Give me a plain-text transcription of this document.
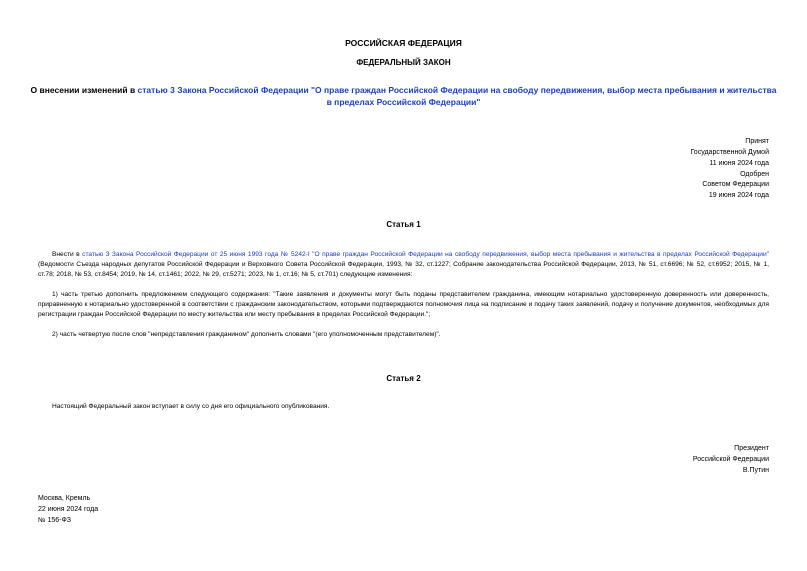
РОССИЙСКАЯ ФЕДЕРАЦИЯ
ФЕДЕРАЛЬНЫЙ ЗАКОН
О внесении изменений в статью 3 Закона Российской Федерации "О праве граждан Российской Федерации на свободу передвижения, выбор места пребывания и жительства в пределах Российской Федерации"
Принят
Государственной Думой
11 июня 2024 года
Одобрен
Советом Федерации
19 июня 2024 года
Статья 1
Внести в статью 3 Закона Российской Федерации от 25 июня 1993 года № 5242-I "О праве граждан Российской Федерации на свободу передвижения, выбор места пребывания и жительства в пределах Российской Федерации" (Ведомости Съезда народных депутатов Российской Федерации и Верховного Совета Российской Федерации, 1993, № 32, ст.1227; Собрание законодательства Российской Федерации, 2013, № 51, ст.6696; № 52, ст.6952; 2015, № 1, ст.78; 2018, № 53, ст.8454; 2019, № 14, ст.1461; 2022, № 29, ст.5271; 2023, № 1, ст.16; № 5, ст.701) следующие изменения:
1) часть третью дополнить предложением следующего содержания: "Такие заявления и документы могут быть поданы представителем гражданина, имеющим нотариально удостоверенную доверенность или доверенность, приравненную к нотариально удостоверенной в соответствии с гражданским законодательством, которыми подтверждаются полномочия лица на подписание и подачу таких заявлений, подачу и получение документов, необходимых для регистрации граждан Российской Федерации по месту жительства или месту пребывания в пределах Российской Федерации.";
2) часть четвертую после слов "непредставления гражданином" дополнить словами "(его уполномоченным представителем)".
Статья 2
Настоящий Федеральный закон вступает в силу со дня его официального опубликования.
Президент
Российской Федерации
В.Путин
Москва, Кремль
22 июня 2024 года
№ 156-ФЗ
